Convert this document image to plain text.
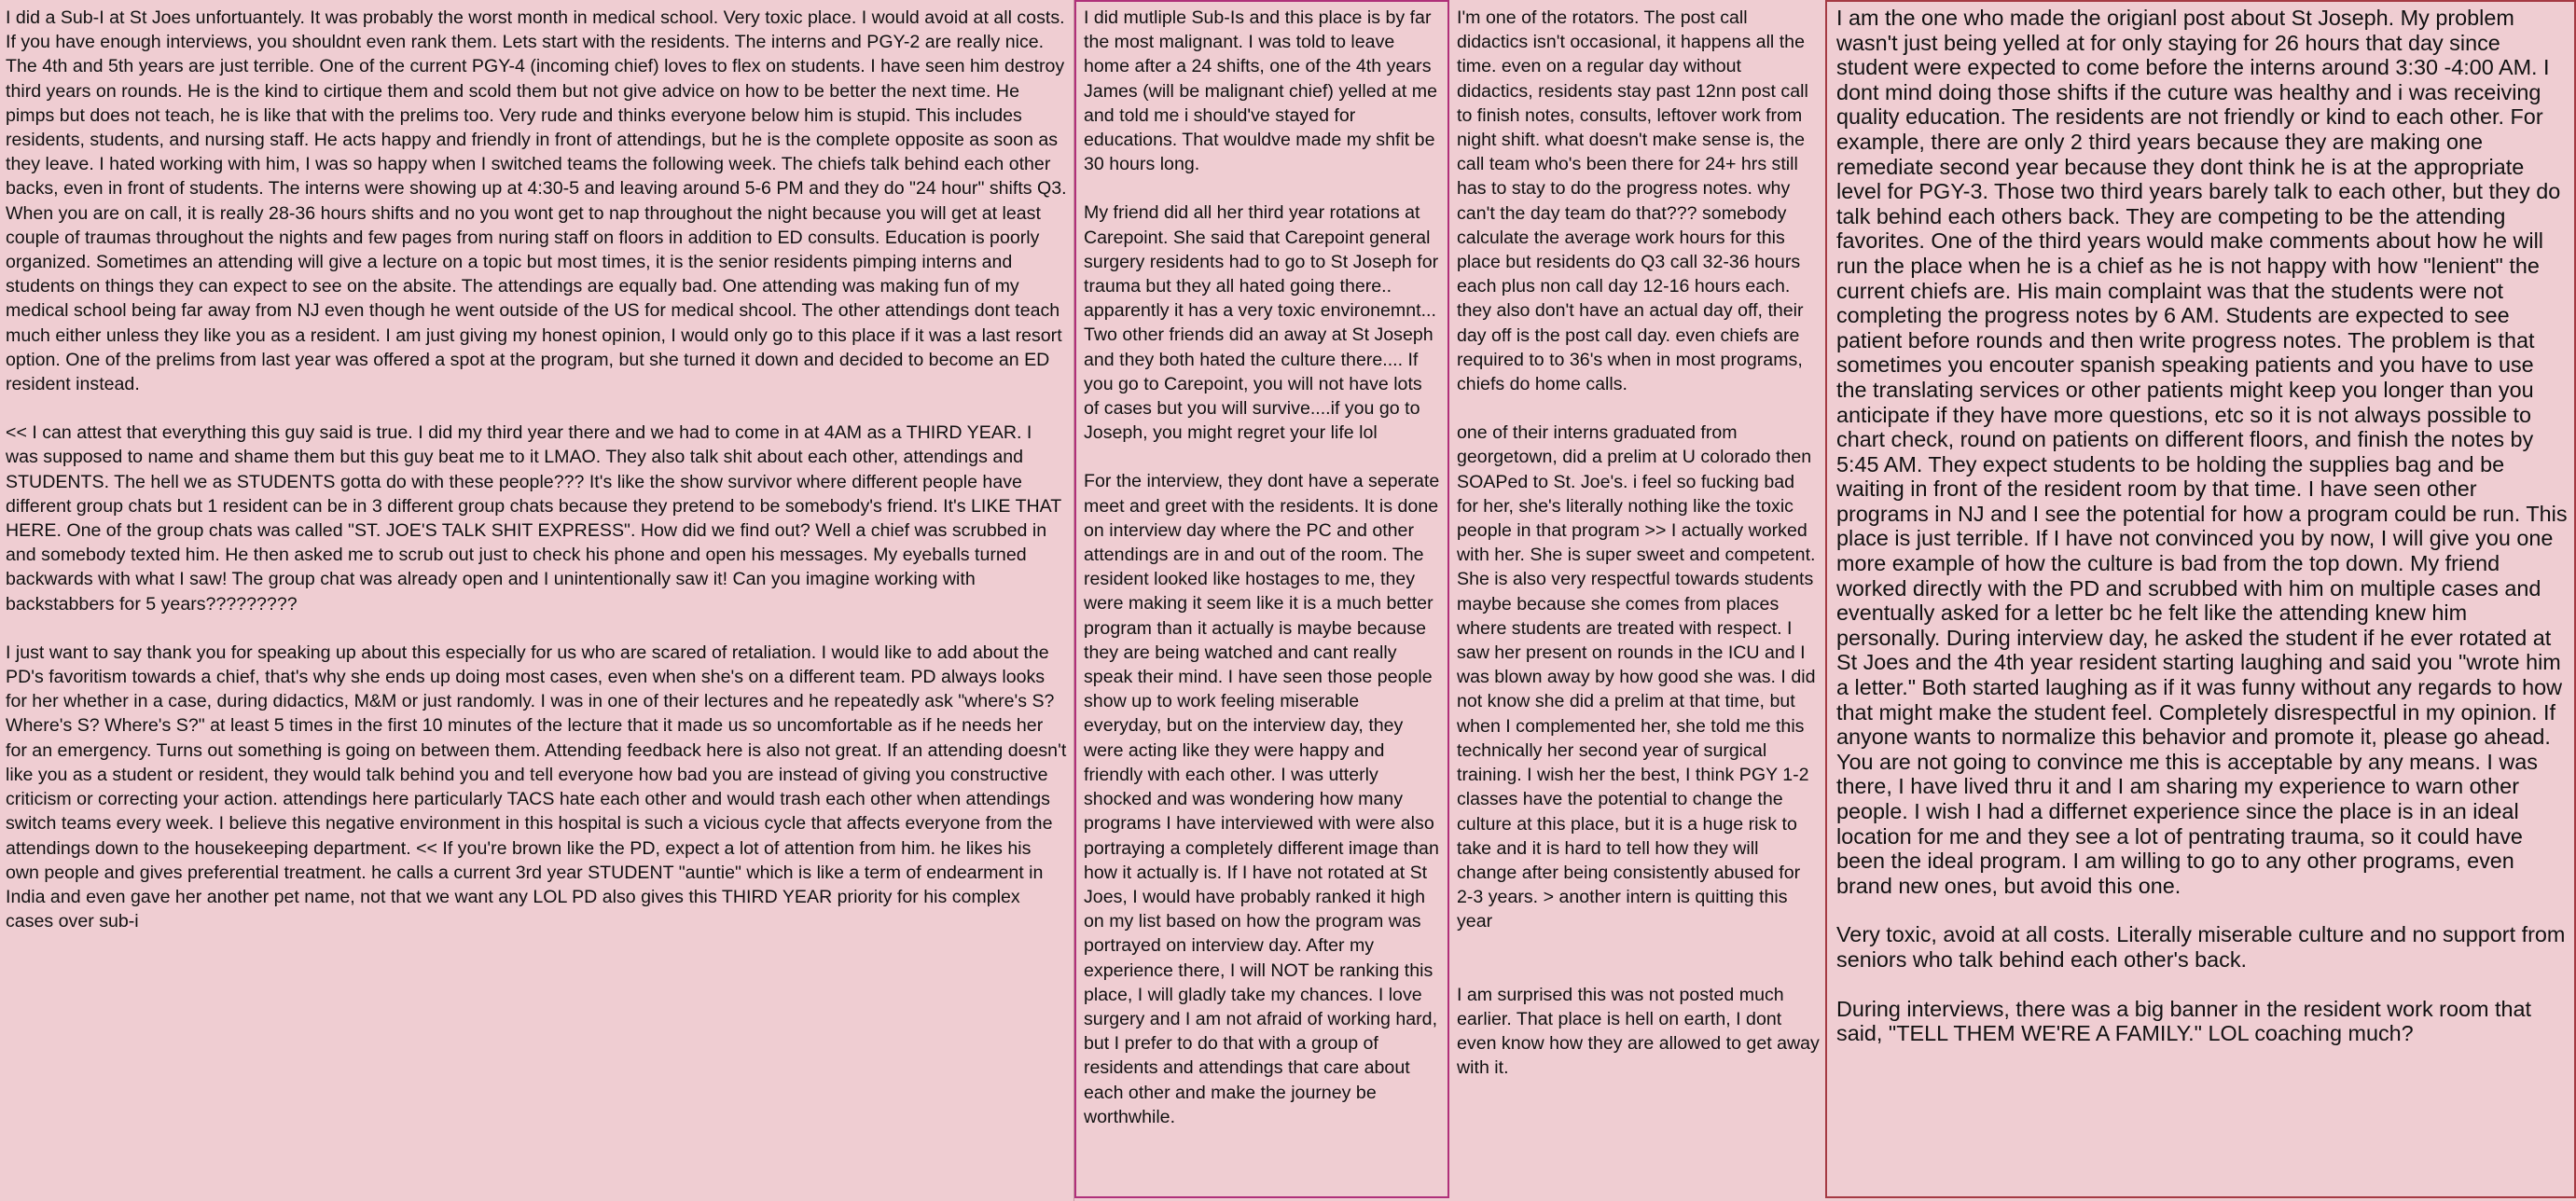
I did a Sub-I at St Joes unfortuantely. It was probably the worst month in medical school. Very toxic place. I would avoid at all costs. If you have enough interviews, you shouldnt even rank them. Lets start with the residents. The interns and PGY-2 are really nice. The 4th and 5th years are just terrible. One of the current PGY-4 (incoming chief) loves to flex on students. I have seen him destroy third years on rounds. He is the kind to cirtique them and scold them but not give advice on how to be better the next time. He pimps but does not teach, he is like that with the prelims too. Very rude and thinks everyone below him is stupid. This includes residents, students, and nursing staff. He acts happy and friendly in front of attendings, but he is the complete opposite as soon as they leave. I hated working with him, I was so happy when I switched teams the following week. The chiefs talk behind each other backs, even in front of students. The interns were showing up at 4:30-5 and leaving around 5-6 PM and they do "24 hour" shifts Q3. When you are on call, it is really 28-36 hours shifts and no you wont get to nap throughout the night because you will get at least couple of traumas throughout the nights and few pages from nuring staff on floors in addition to ED consults. Education is poorly organized. Sometimes an attending will give a lecture on a topic but most times, it is the senior residents pimping interns and students on things they can expect to see on the absite. The attendings are equally bad. One attending was making fun of my medical school being far away from NJ even though he went outside of the US for medical shcool. The other attendings dont teach much either unless they like you as a resident. I am just giving my honest opinion, I would only go to this place if it was a last resort option. One of the prelims from last year was offered a spot at the program, but she turned it down and decided to become an ED resident instead.

<< I can attest that everything this guy said is true. I did my third year there and we had to come in at 4AM as a THIRD YEAR. I was supposed to name and shame them but this guy beat me to it LMAO. They also talk shit about each other, attendings and STUDENTS. The hell we as STUDENTS gotta do with these people??? It's like the show survivor where different people have different group chats but 1 resident can be in 3 different group chats because they pretend to be somebody's friend. It's LIKE THAT HERE. One of the group chats was called "ST. JOE'S TALK SHIT EXPRESS". How did we find out? Well a chief was scrubbed in and somebody texted him. He then asked me to scrub out just to check his phone and open his messages. My eyeballs turned backwards with what I saw! The group chat was already open and I unintentionally saw it! Can you imagine working with backstabbers for 5 years?????????

I just want to say thank you for speaking up about this especially for us who are scared of retaliation. I would like to add about the PD's favoritism towards a chief, that's why she ends up doing most cases, even when she's on a different team. PD always looks for her whether in a case, during didactics, M&M or just randomly. I was in one of their lectures and he repeatedly ask "where's S? Where's S? Where's S?" at least 5 times in the first 10 minutes of the lecture that it made us so uncomfortable as if he needs her for an emergency. Turns out something is going on between them. Attending feedback here is also not great. If an attending doesn't like you as a student or resident, they would talk behind you and tell everyone how bad you are instead of giving you constructive criticism or correcting your action. attendings here particularly TACS hate each other and would trash each other when attendings switch teams every week. I believe this negative environment in this hospital is such a vicious cycle that affects everyone from the attendings down to the housekeeping department. << If you're brown like the PD, expect a lot of attention from him. he likes his own people and gives preferential treatment. he calls a current 3rd year STUDENT "auntie" which is like a term of endearment in India and even gave her another pet name, not that we want any LOL PD also gives this THIRD YEAR priority for his complex cases over sub-i

I did mutliple Sub-Is and this place is by far the most malignant. I was told to leave home after a 24 shifts, one of the 4th years James (will be malignant chief) yelled at me and told me i should've stayed for educations. That wouldve made my shfit be 30 hours long.

My friend did all her third year rotations at Carepoint. She said that Carepoint general surgery residents had to go to St Joseph for trauma but they all hated going there.. apparently it has a very toxic environemnt... Two other friends did an away at St Joseph and they both hated the culture there.... If you go to Carepoint, you will not have lots of cases but you will survive....if you go to Joseph, you might regret your life lol

For the interview, they dont have a seperate meet and greet with the residents. It is done on interview day where the PC and other attendings are in and out of the room. The resident looked like hostages to me, they were making it seem like it is a much better program than it actually is maybe because they are being watched and cant really speak their mind. I have seen those people show up to work feeling miserable everyday, but on the interview day, they were acting like they were happy and friendly with each other. I was utterly shocked and was wondering how many programs I have interviewed with were also portraying a completely different image than how it actually is. If I have not rotated at St Joes, I would have probably ranked it high on my list based on how the program was portrayed on interview day. After my experience there, I will NOT be ranking this place, I will gladly take my chances. I love surgery and I am not afraid of working hard, but I prefer to do that with a group of residents and attendings that care about each other and make the journey be worthwhile.

I'm one of the rotators. The post call didactics isn't occasional, it happens all the time. even on a regular day without didactics, residents stay past 12nn post call to finish notes, consults, leftover work from night shift. what doesn't make sense is, the call team who's been there for 24+ hrs still has to stay to do the progress notes. why can't the day team do that??? somebody calculate the average work hours for this place but residents do Q3 call 32-36 hours each plus non call day 12-16 hours each. they also don't have an actual day off, their day off is the post call day. even chiefs are required to to 36's when in most programs, chiefs do home calls.

one of their interns graduated from georgetown, did a prelim at U colorado then SOAPed to St. Joe's. i feel so fucking bad for her, she's literally nothing like the toxic people in that program >> I actually worked with her. She is super sweet and competent. She is also very respectful towards students maybe because she comes from places where students are treated with respect. I saw her present on rounds in the ICU and I was blown away by how good she was. I did not know she did a prelim at that time, but when I complemented her, she told me this technically her second year of surgical training. I wish her the best, I think PGY 1-2 classes have the potential to change the culture at this place, but it is a huge risk to take and it is hard to tell how they will change after being consistently abused for 2-3 years. > another intern is quitting this year

I am surprised this was not posted much earlier. That place is hell on earth, I dont even know how they are allowed to get away with it.

I am the one who made the origianl post about St Joseph. My problem wasn't just being yelled at for only staying for 26 hours that day since student were expected to come before the interns around 3:30 -4:00 AM. I dont mind doing those shifts if the cuture was healthy and i was receiving quality education. The residents are not friendly or kind to each other. For example, there are only 2 third years because they are making one remediate second year because they dont think he is at the appropriate level for PGY-3. Those two third years barely talk to each other, but they do talk behind each others back. They are competing to be the attending favorites. One of the third years would make comments about how he will run the place when he is a chief as he is not happy with how "lenient" the current chiefs are. His main complaint was that the students were not completing the progress notes by 6 AM. Students are expected to see patient before rounds and then write progress notes. The problem is that sometimes you encouter spanish speaking patients and you have to use the translating services or other patients might keep you longer than you anticipate if they have more questions, etc so it is not always possible to chart check, round on patients on different floors, and finish the notes by 5:45 AM. They expect students to be holding the supplies bag and be waiting in front of the resident room by that time. I have seen other programs in NJ and I see the potential for how a program could be run. This place is just terrible. If I have not convinced you by now, I will give you one more example of how the culture is bad from the top down. My friend worked directly with the PD and scrubbed with him on multiple cases and eventually asked for a letter bc he felt like the attending knew him personally. During interview day, he asked the student if he ever rotated at St Joes and the 4th year resident starting laughing and said you "wrote him a letter." Both started laughing as if it was funny without any regards to how that might make the student feel. Completely disrespectful in my opinion. If anyone wants to normalize this behavior and promote it, please go ahead. You are not going to convince me this is acceptable by any means. I was there, I have lived thru it and I am sharing my experience to warn other people. I wish I had a differnet experience since the place is in an ideal location for me and they see a lot of pentrating trauma, so it could have been the ideal program. I am willing to go to any other programs, even brand new ones, but avoid this one.

Very toxic, avoid at all costs. Literally miserable culture and no support from seniors who talk behind each other's back.

During interviews, there was a big banner in the resident work room that said, "TELL THEM WE'RE A FAMILY." LOL coaching much?
